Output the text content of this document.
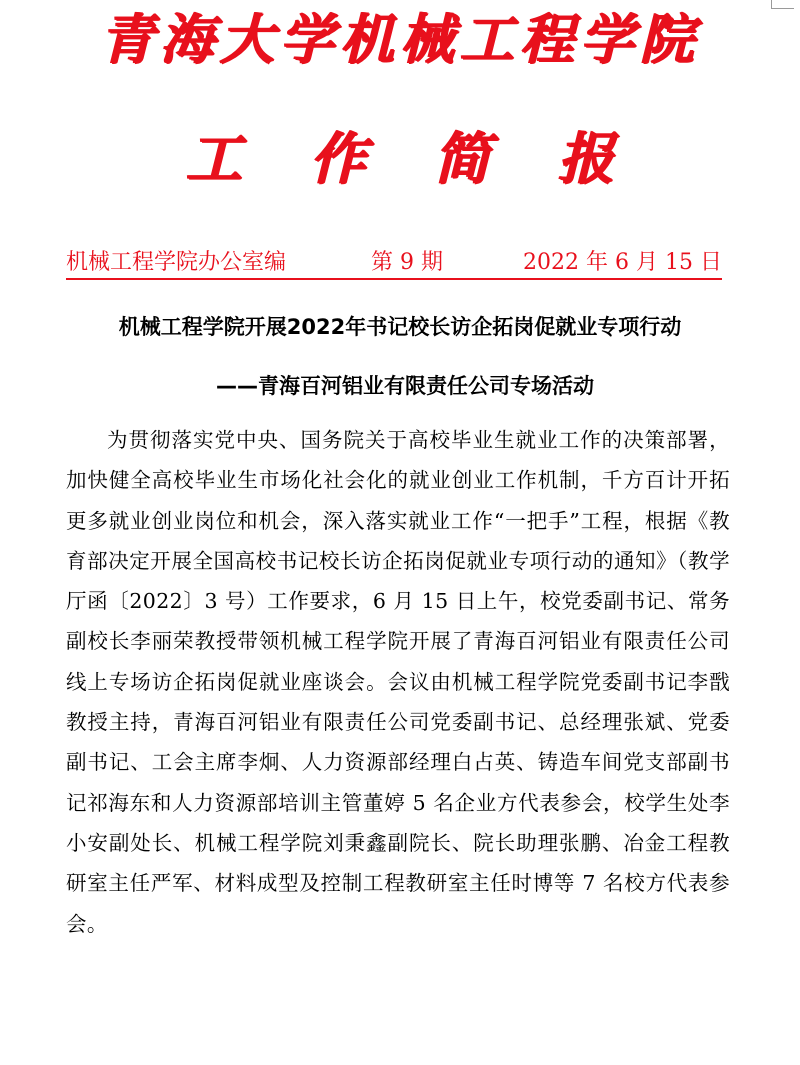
青海大学机械工程学院
工作简报
机械工程学院办公室编	第 9 期	2022 年 6 月 15 日
机械工程学院开展2022年书记校长访企拓岗促就业专项行动
——青海百河铝业有限责任公司专场活动

为贯彻落实党中央、国务院关于高校毕业生就业工作的决策部署，加快健全高校毕业生市场化社会化的就业创业工作机制，千方百计开拓更多就业创业岗位和机会，深入落实就业工作“一把手”工程，根据《教育部决定开展全国高校书记校长访企拓岗促就业专项行动的通知》（教学厅函〔2022〕3 号）工作要求，6 月 15 日上午，校党委副书记、常务副校长李丽荣教授带领机械工程学院开展了青海百河铝业有限责任公司线上专场访企拓岗促就业座谈会。会议由机械工程学院党委副书记李戬教授主持，青海百河铝业有限责任公司党委副书记、总经理张斌、党委副书记、工会主席李炯、人力资源部经理白占英、铸造车间党支部副书记祁海东和人力资源部培训主管董婷 5 名企业方代表参会，校学生处李小安副处长、机械工程学院刘秉鑫副院长、院长助理张鹏、冶金工程教研室主任严军、材料成型及控制工程教研室主任时博等 7 名校方代表参会。
